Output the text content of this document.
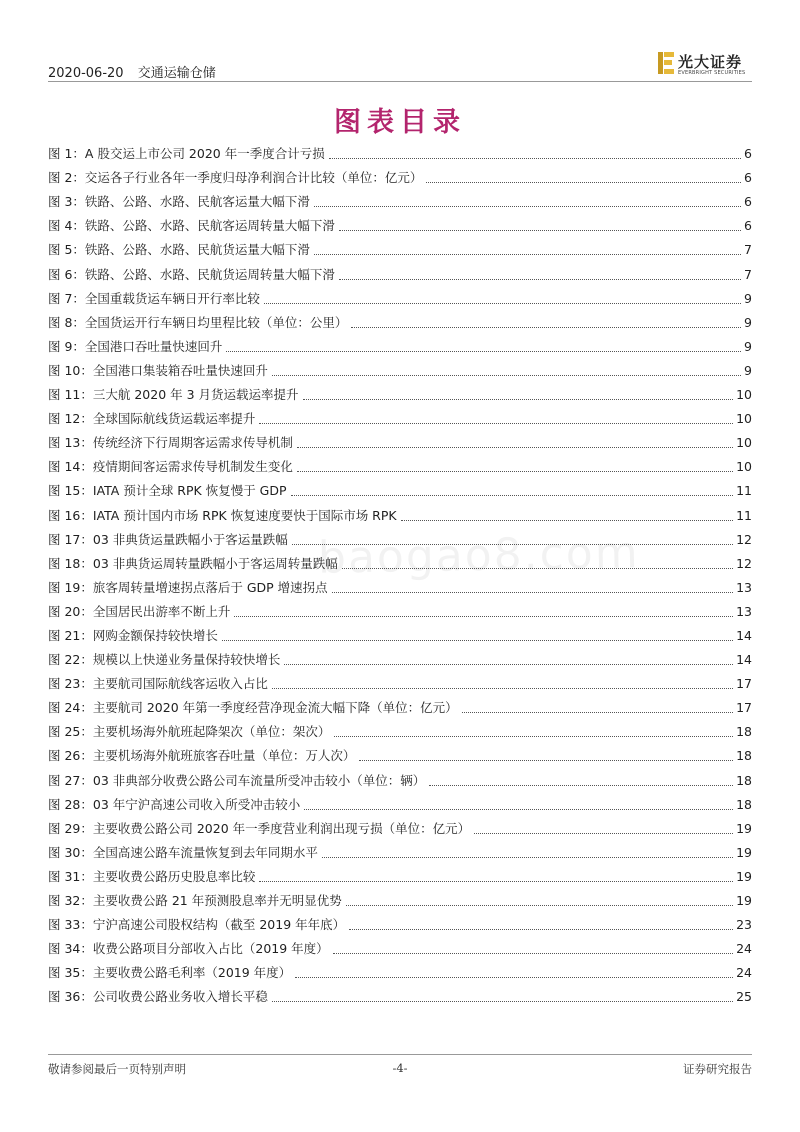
2020-06-20 交通运输仓储
光大证券
EVERBRIGHT SECURITIES
图表目录
图 1：A 股交运上市公司 2020 年一季度合计亏损	6
图 2：交运各子行业各年一季度归母净利润合计比较（单位：亿元）	6
图 3：铁路、公路、水路、民航客运量大幅下滑	6
图 4：铁路、公路、水路、民航客运周转量大幅下滑	6
图 5：铁路、公路、水路、民航货运量大幅下滑	7
图 6：铁路、公路、水路、民航货运周转量大幅下滑	7
图 7：全国重载货运车辆日开行率比较	9
图 8：全国货运开行车辆日均里程比较（单位：公里）	9
图 9：全国港口吞吐量快速回升	9
图 10：全国港口集装箱吞吐量快速回升	9
图 11：三大航 2020 年 3 月货运载运率提升	10
图 12：全球国际航线货运载运率提升	10
图 13：传统经济下行周期客运需求传导机制	10
图 14：疫情期间客运需求传导机制发生变化	10
图 15：IATA 预计全球 RPK 恢复慢于 GDP	11
图 16：IATA 预计国内市场 RPK 恢复速度要快于国际市场 RPK	11
图 17：03 非典货运量跌幅小于客运量跌幅	12
图 18：03 非典货运周转量跌幅小于客运周转量跌幅	12
图 19：旅客周转量增速拐点落后于 GDP 增速拐点	13
图 20：全国居民出游率不断上升	13
图 21：网购金额保持较快增长	14
图 22：规模以上快递业务量保持较快增长	14
图 23：主要航司国际航线客运收入占比	17
图 24：主要航司 2020 年第一季度经营净现金流大幅下降（单位：亿元）	17
图 25：主要机场海外航班起降架次（单位：架次）	18
图 26：主要机场海外航班旅客吞吐量（单位：万人次）	18
图 27：03 非典部分收费公路公司车流量所受冲击较小（单位：辆）	18
图 28：03 年宁沪高速公司收入所受冲击较小	18
图 29：主要收费公路公司 2020 年一季度营业利润出现亏损（单位：亿元）	19
图 30：全国高速公路车流量恢复到去年同期水平	19
图 31：主要收费公路历史股息率比较	19
图 32：主要收费公路 21 年预测股息率并无明显优势	19
图 33：宁沪高速公司股权结构（截至 2019 年年底）	23
图 34：收费公路项目分部收入占比（2019 年度）	24
图 35：主要收费公路毛利率（2019 年度）	24
图 36：公司收费公路业务收入增长平稳	25
baogao8.com
敬请参阅最后一页特别声明	-4-	证券研究报告
